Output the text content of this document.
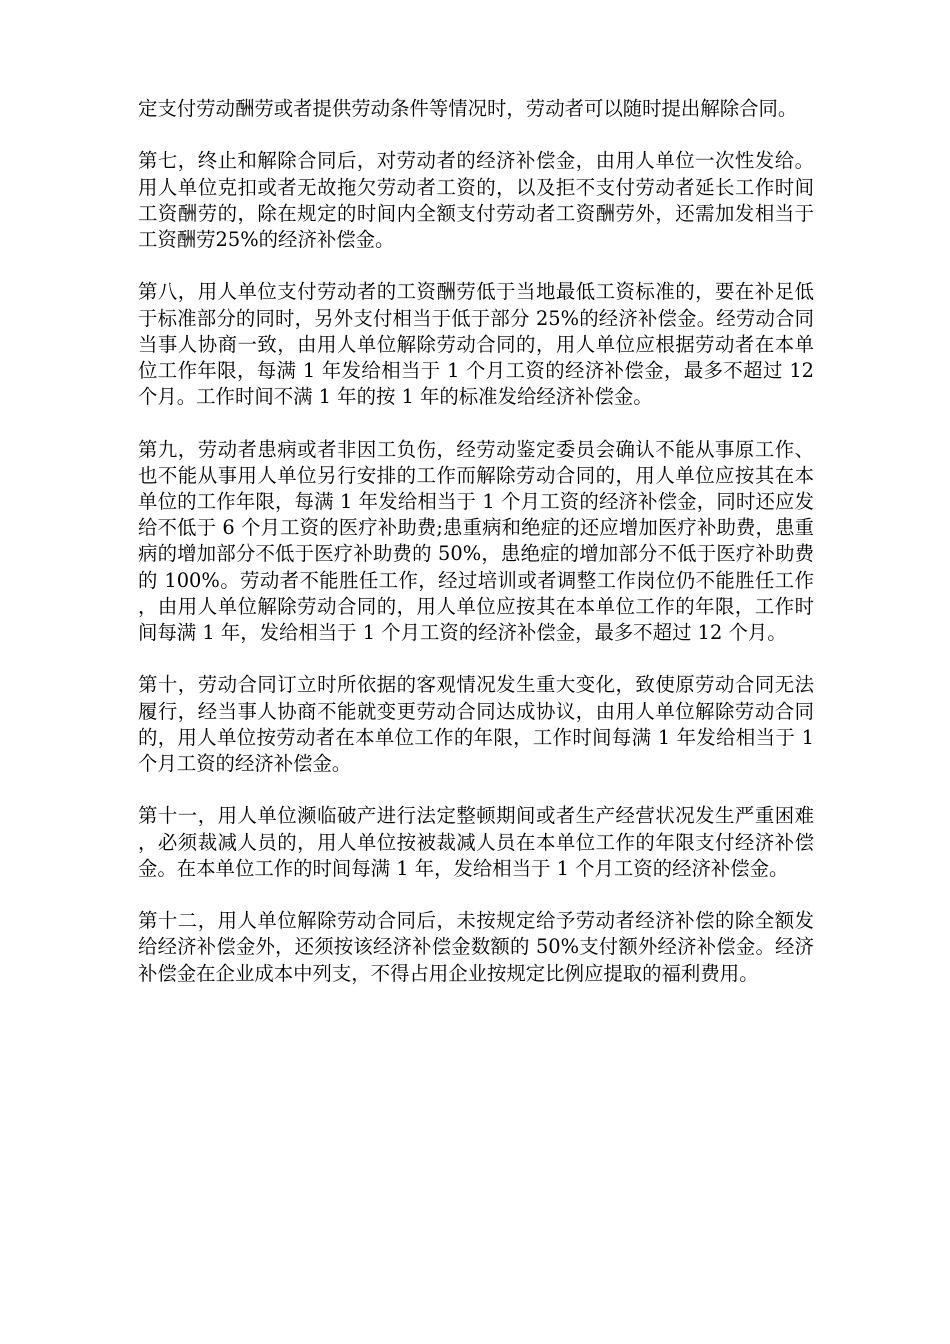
定支付劳动酬劳或者提供劳动条件等情况时，劳动者可以随时提出解除合同。

第七，终止和解除合同后，对劳动者的经济补偿金，由用人单位一次性发给。用人单位克扣或者无故拖欠劳动者工资的，以及拒不支付劳动者延长工作时间工资酬劳的，除在规定的时间内全额支付劳动者工资酬劳外，还需加发相当于工资酬劳25%的经济补偿金。

第八，用人单位支付劳动者的工资酬劳低于当地最低工资标准的，要在补足低于标准部分的同时，另外支付相当于低于部分 25%的经济补偿金。经劳动合同当事人协商一致，由用人单位解除劳动合同的，用人单位应根据劳动者在本单位工作年限，每满 1 年发给相当于 1 个月工资的经济补偿金，最多不超过 12 个月。工作时间不满 1 年的按 1 年的标准发给经济补偿金。

第九，劳动者患病或者非因工负伤，经劳动鉴定委员会确认不能从事原工作、也不能从事用人单位另行安排的工作而解除劳动合同的，用人单位应按其在本单位的工作年限，每满 1 年发给相当于 1 个月工资的经济补偿金，同时还应发给不低于 6 个月工资的医疗补助费;患重病和绝症的还应增加医疗补助费，患重病的增加部分不低于医疗补助费的 50%，患绝症的增加部分不低于医疗补助费的 100%。劳动者不能胜任工作，经过培训或者调整工作岗位仍不能胜任工作，由用人单位解除劳动合同的，用人单位应按其在本单位工作的年限，工作时间每满 1 年，发给相当于 1 个月工资的经济补偿金，最多不超过 12 个月。

第十，劳动合同订立时所依据的客观情况发生重大变化，致使原劳动合同无法履行，经当事人协商不能就变更劳动合同达成协议，由用人单位解除劳动合同的，用人单位按劳动者在本单位工作的年限，工作时间每满 1 年发给相当于 1 个月工资的经济补偿金。

第十一，用人单位濒临破产进行法定整顿期间或者生产经营状况发生严重困难，必须裁减人员的，用人单位按被裁减人员在本单位工作的年限支付经济补偿金。在本单位工作的时间每满 1 年，发给相当于 1 个月工资的经济补偿金。

第十二，用人单位解除劳动合同后，未按规定给予劳动者经济补偿的除全额发给经济补偿金外，还须按该经济补偿金数额的 50%支付额外经济补偿金。经济补偿金在企业成本中列支，不得占用企业按规定比例应提取的福利费用。
